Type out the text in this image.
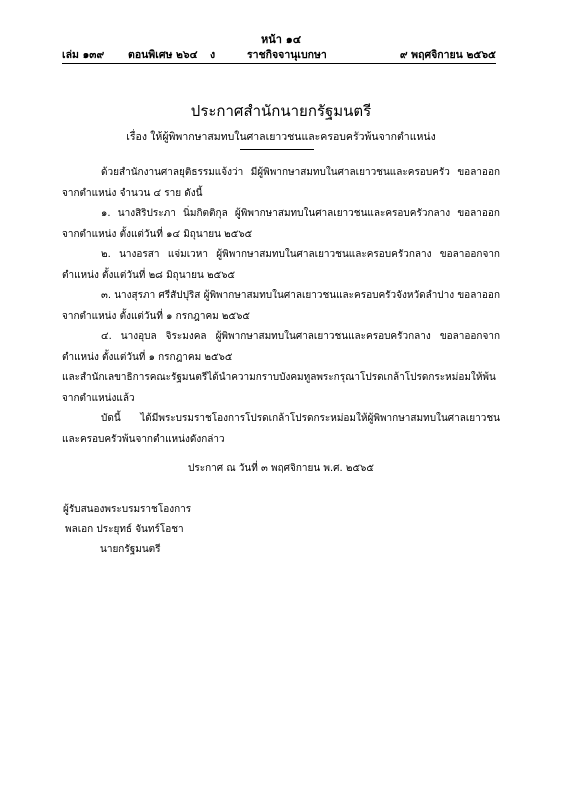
หน้า ๑๔
เล่ม ๑๓๙ ตอนพิเศษ ๒๖๔ ง	ราชกิจจานุเบกษา	๙ พฤศจิกายน ๒๕๖๕
ประกาศสำนักนายกรัฐมนตรี
เรื่อง ให้ผู้พิพากษาสมทบในศาลเยาวชนและครอบครัวพ้นจากตำแหน่ง

ด้วยสำนักงานศาลยุติธรรมแจ้งว่า มีผู้พิพากษาสมทบในศาลเยาวชนและครอบครัว ขอลาออกจากตำแหน่ง จำนวน ๔ ราย ดังนี้

๑. นางสิริประภา นิ่มกิตติกุล ผู้พิพากษาสมทบในศาลเยาวชนและครอบครัวกลาง ขอลาออกจากตำแหน่ง ตั้งแต่วันที่ ๑๔ มิถุนายน ๒๕๖๕

๒. นางอรสา แจ่มเวหา ผู้พิพากษาสมทบในศาลเยาวชนและครอบครัวกลาง ขอลาออกจากตำแหน่ง ตั้งแต่วันที่ ๒๘ มิถุนายน ๒๕๖๕

๓. นางสุรภา ศรีสัปปุริส ผู้พิพากษาสมทบในศาลเยาวชนและครอบครัวจังหวัดลำปาง ขอลาออกจากตำแหน่ง ตั้งแต่วันที่ ๑ กรกฎาคม ๒๕๖๕

๔. นางอุบล จิระมงคล ผู้พิพากษาสมทบในศาลเยาวชนและครอบครัวกลาง ขอลาออกจากตำแหน่ง ตั้งแต่วันที่ ๑ กรกฎาคม ๒๕๖๕

และสำนักเลขาธิการคณะรัฐมนตรีได้นำความกราบบังคมทูลพระกรุณาโปรดเกล้าโปรดกระหม่อมให้พ้นจากตำแหน่งแล้ว

บัดนี้ ได้มีพระบรมราชโองการโปรดเกล้าโปรดกระหม่อมให้ผู้พิพากษาสมทบในศาลเยาวชนและครอบครัวพ้นจากตำแหน่งดังกล่าว

ประกาศ ณ วันที่ ๓ พฤศจิกายน พ.ศ. ๒๕๖๕
ผู้รับสนองพระบรมราชโองการ
พลเอก ประยุทธ์ จันทร์โอชา
นายกรัฐมนตรี
